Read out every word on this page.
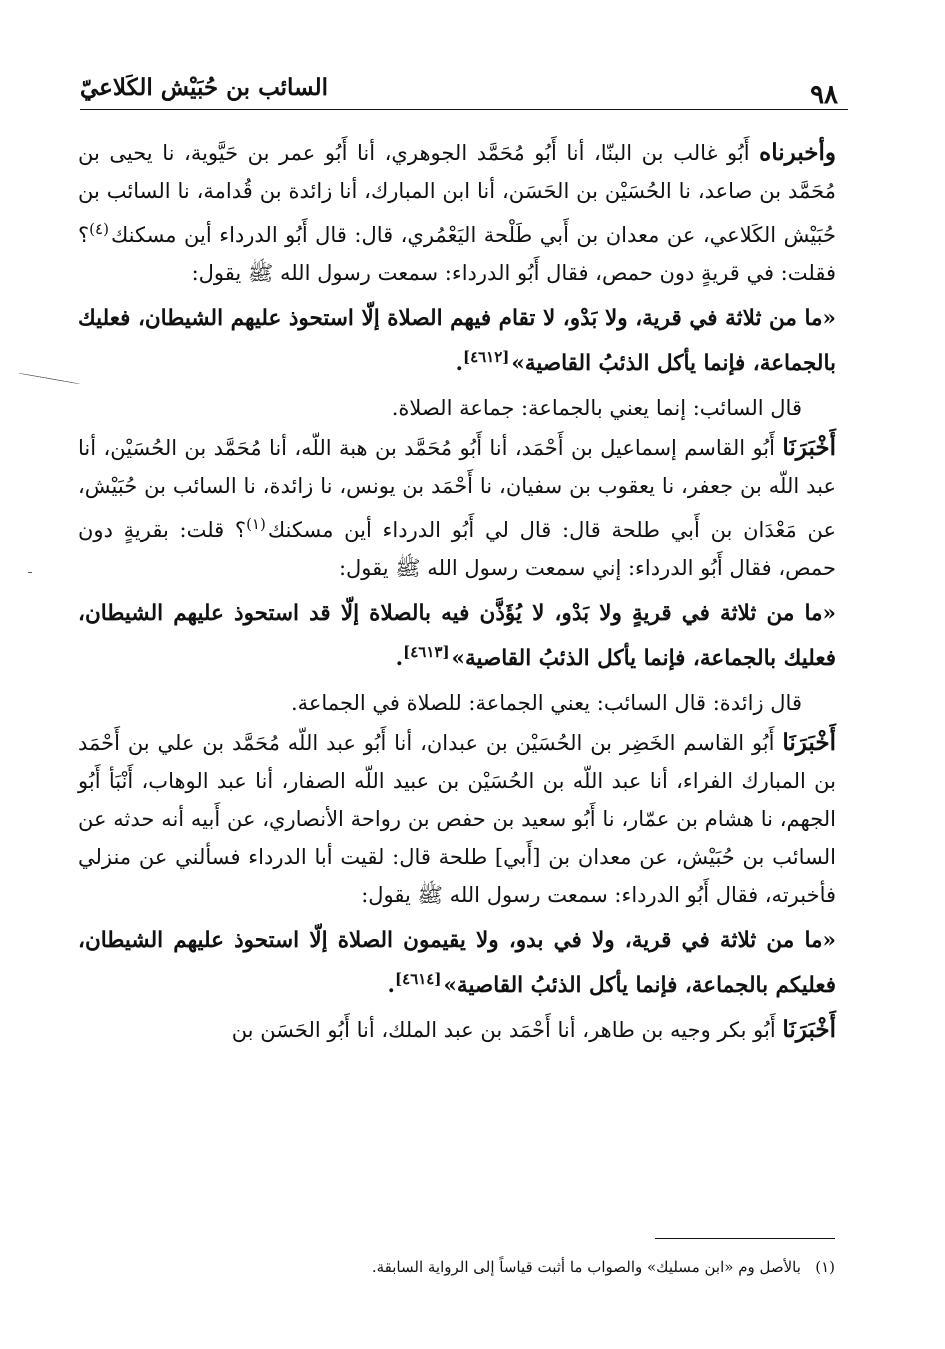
٩٨
السائب بن حُبَيْش الكَلاعيّ

وأخبرناه أَبُو غالب بن البنّا، أنا أَبُو مُحَمَّد الجوهري، أنا أَبُو عمر بن حَيَّوية، نا يحيى بن مُحَمَّد بن صاعد، نا الحُسَيْن بن الحَسَن، أنا ابن المبارك، أنا زائدة بن قُدامة، نا السائب بن حُبَيْش الكَلاعي، عن معدان بن أَبي طَلْحة اليَعْمُري، قال: قال أَبُو الدرداء أين مسكنك$^{(٤)}$؟ فقلت: في قريةٍ دون حمص، فقال أَبُو الدرداء: سمعت رسول الله ﷺ يقول:

«ما من ثلاثة في قرية، ولا بَدْو، لا تقام فيهم الصلاة إلّا استحوذ عليهم الشيطان، فعليك بالجماعة، فإنما يأكل الذئبُ القاصية»[٤٦١٢].

قال السائب: إنما يعني بالجماعة: جماعة الصلاة.

أَخْبَرَنَا أَبُو القاسم إسماعيل بن أَحْمَد، أنا أَبُو مُحَمَّد بن هبة اللّه، أنا مُحَمَّد بن الحُسَيْن، أنا عبد اللّه بن جعفر، نا يعقوب بن سفيان، نا أَحْمَد بن يونس، نا زائدة، نا السائب بن حُبَيْش، عن مَعْدَان بن أَبي طلحة قال: قال لي أَبُو الدرداء أين مسكنك$^{(١)}$؟ قلت: بقريةٍ دون حمص، فقال أَبُو الدرداء: إني سمعت رسول الله ﷺ يقول:

«ما من ثلاثة في قريةٍ ولا بَدْو، لا يُؤَذَّن فيه بالصلاة إلّا قد استحوذ عليهم الشيطان، فعليك بالجماعة، فإنما يأكل الذئبُ القاصية»[٤٦١٣].

قال زائدة: قال السائب: يعني الجماعة: للصلاة في الجماعة.

أَخْبَرَنَا أَبُو القاسم الخَضِر بن الحُسَيْن بن عبدان، أنا أَبُو عبد اللّه مُحَمَّد بن علي بن أَحْمَد بن المبارك الفراء، أنا عبد اللّه بن الحُسَيْن بن عبيد اللّه الصفار، أنا عبد الوهاب، أَنْبَأ أَبُو الجهم، نا هشام بن عمّار، نا أَبُو سعيد بن حفص بن رواحة الأنصاري، عن أَبيه أنه حدثه عن السائب بن حُبَيْش، عن معدان بن [أَبي] طلحة قال: لقيت أبا الدرداء فسألني عن منزلي فأخبرته، فقال أَبُو الدرداء: سمعت رسول الله ﷺ يقول:

«ما من ثلاثة في قرية، ولا في بدو، ولا يقيمون الصلاة إلّا استحوذ عليهم الشيطان، فعليكم بالجماعة، فإنما يأكل الذئبُ القاصية»[٤٦١٤].

أَخْبَرَنَا أَبُو بكر وجيه بن طاهر، أنا أَحْمَد بن عبد الملك، أنا أَبُو الحَسَن بن

(١)   بالأصل وم «ابن مسليك» والصواب ما أثبت قياساً إلى الرواية السابقة.
